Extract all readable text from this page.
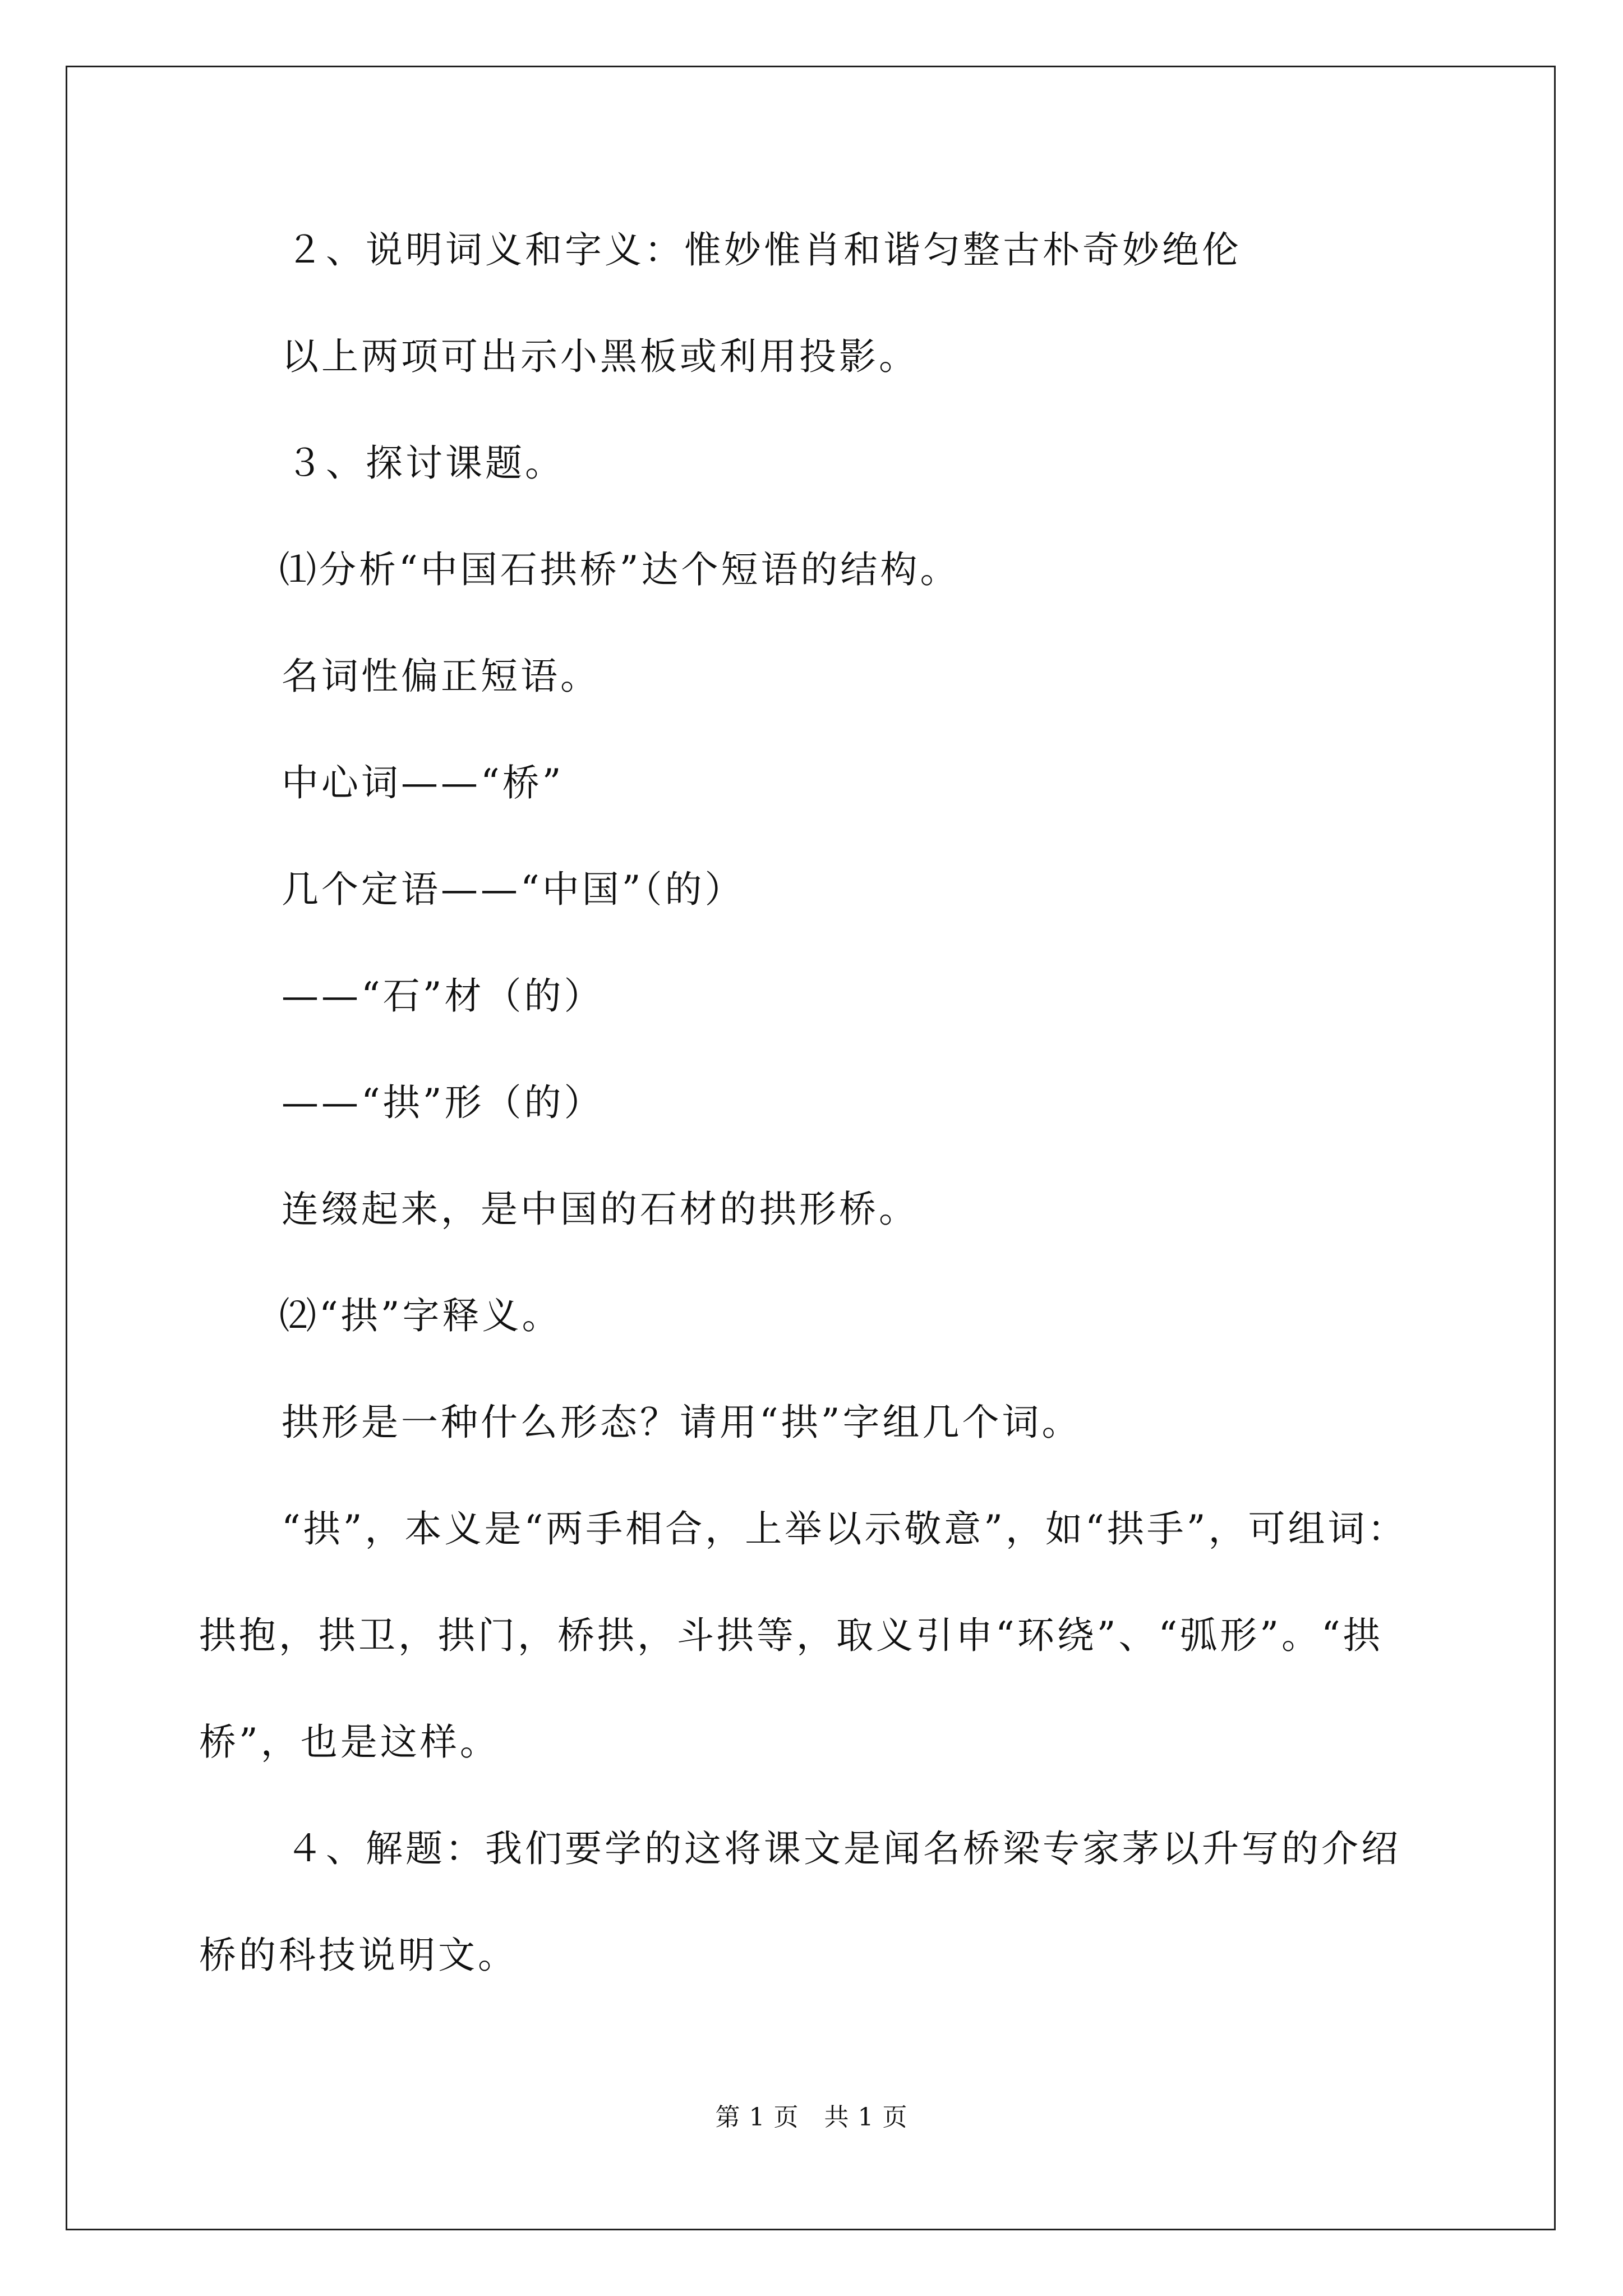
２、说明词义和字义：惟妙惟肖和谐匀整古朴奇妙绝伦
以上两项可出示小黑板或利用投影。
３、探讨课题。
⑴分析“中国石拱桥”达个短语的结构。
名词性偏正短语。
中心词——“桥”
几个定语——“中国”（的）
——“石”材（的）
——“拱”形（的）
连缀起来，是中国的石材的拱形桥。
⑵“拱”字释义。
拱形是一种什么形态？请用“拱”字组几个词。
“拱”，本义是“两手相合，上举以示敬意”，如“拱手”，可组词：
拱抱，拱卫，拱门，桥拱，斗拱等，取义引申“环绕”、“弧形”。“拱
桥”，也是这样。
４、解题：我们要学的这将课文是闻名桥梁专家茅以升写的介绍
桥的科技说明文。
第 1 页　共 1 页
